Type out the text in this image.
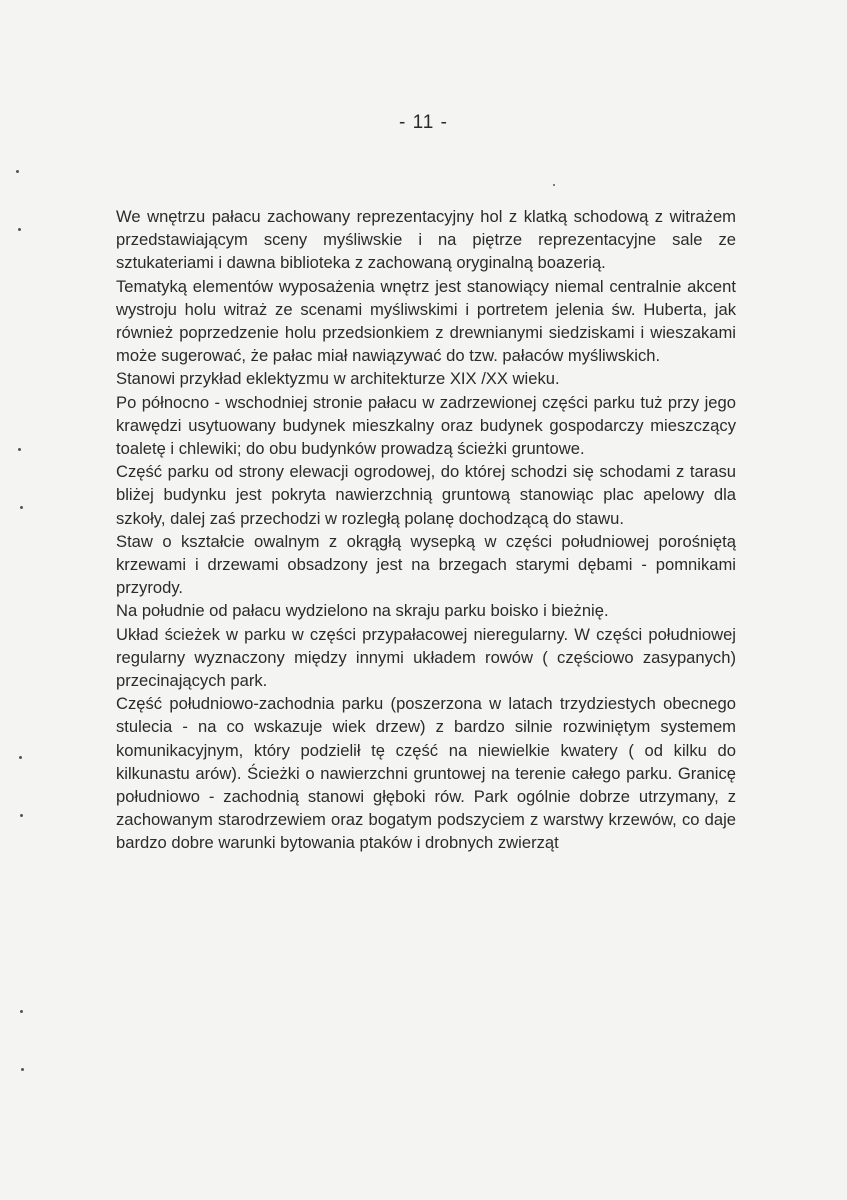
- 11 -

We wnętrzu pałacu zachowany reprezentacyjny hol z klatką schodową z witrażem przedstawiającym sceny myśliwskie i na piętrze reprezentacyjne sale ze sztukateriami i dawna biblioteka z zachowaną oryginalną boazerią.

Tematyką elementów wyposażenia wnętrz jest stanowiący niemal centralnie akcent wystroju holu witraż ze scenami myśliwskimi i portretem jelenia św. Huberta, jak również poprzedzenie holu przedsionkiem z drewnianymi siedziskami i wieszakami może sugerować, że pałac miał nawiązywać do tzw. pałaców myśliwskich.

Stanowi przykład eklektyzmu w architekturze XIX /XX wieku.

Po północno - wschodniej stronie pałacu w zadrzewionej części parku tuż przy jego krawędzi usytuowany budynek mieszkalny oraz budynek gospodarczy mieszczący toaletę i chlewiki; do obu budynków prowadzą ścieżki gruntowe.

Część parku od strony elewacji ogrodowej, do której schodzi się schodami z tarasu bliżej budynku jest pokryta nawierzchnią gruntową stanowiąc plac apelowy dla szkoły, dalej zaś przechodzi w rozległą polanę dochodzącą do stawu.

Staw o kształcie owalnym z okrągłą wysepką w części południowej porośniętą krzewami i drzewami obsadzony jest na brzegach starymi dębami - pomnikami przyrody.

Na południe od pałacu wydzielono na skraju parku boisko i bieżnię.

Układ ścieżek w parku w części przypałacowej nieregularny. W części południowej regularny wyznaczony między innymi układem rowów ( częściowo zasypanych) przecinających park.

Część południowo-zachodnia parku (poszerzona w latach trzydziestych obecnego stulecia - na co wskazuje wiek drzew) z bardzo silnie rozwiniętym systemem komunikacyjnym, który podzielił tę część na niewielkie kwatery ( od kilku do kilkunastu arów). Ścieżki o nawierzchni gruntowej na terenie całego parku. Granicę południowo - zachodnią stanowi głęboki rów. Park ogólnie dobrze utrzymany, z zachowanym starodrzewiem oraz bogatym podszyciem z warstwy krzewów, co daje bardzo dobre warunki bytowania ptaków i drobnych zwierząt
